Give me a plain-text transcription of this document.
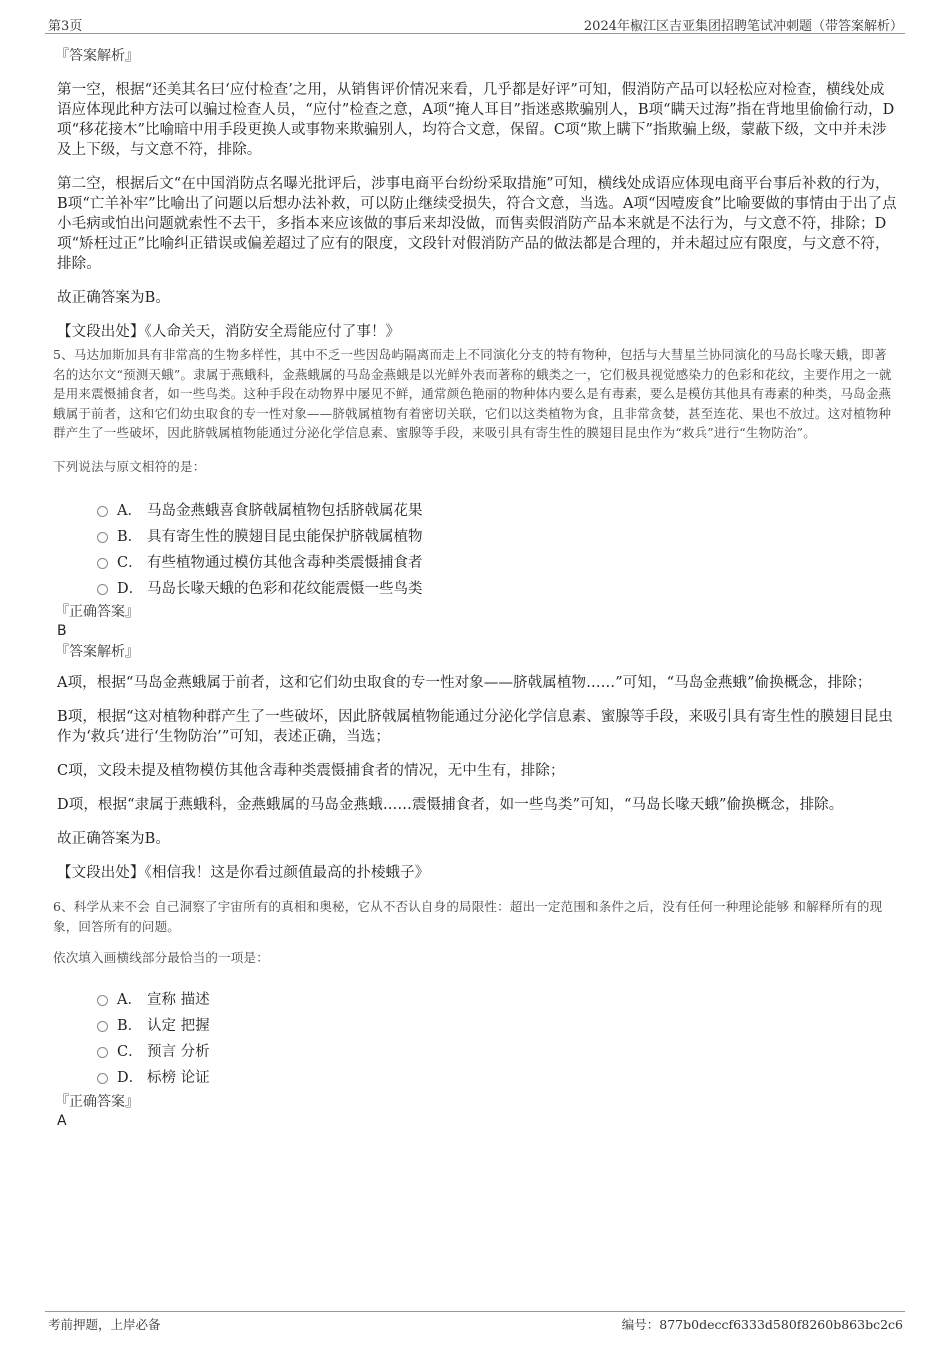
第3页	2024年椒江区吉亚集团招聘笔试冲刺题（带答案解析）
『答案解析』

第一空，根据“还美其名曰‘应付检查’之用，从销售评价情况来看，几乎都是好评”可知，假消防产品可以轻松应对检查，横线处成语应体现此种方法可以骗过检查人员，“应付”检查之意，A项“掩人耳目”指迷惑欺骗别人，B项“瞒天过海”指在背地里偷偷行动，D项“移花接木”比喻暗中用手段更换人或事物来欺骗别人，均符合文意，保留。C项“欺上瞒下”指欺骗上级，蒙蔽下级，文中并未涉及上下级，与文意不符，排除。

第二空，根据后文“在中国消防点名曝光批评后，涉事电商平台纷纷采取措施”可知，横线处成语应体现电商平台事后补救的行为，B项“亡羊补牢”比喻出了问题以后想办法补救，可以防止继续受损失，符合文意，当选。A项“因噎废食”比喻要做的事情由于出了点小毛病或怕出问题就索性不去干，多指本来应该做的事后来却没做，而售卖假消防产品本来就是不法行为，与文意不符，排除；D项“矫枉过正”比喻纠正错误或偏差超过了应有的限度，文段针对假消防产品的做法都是合理的，并未超过应有限度，与文意不符，排除。

故正确答案为B。

【文段出处】《人命关天，消防安全焉能应付了事！》

5、马达加斯加具有非常高的生物多样性，其中不乏一些因岛屿隔离而走上不同演化分支的特有物种，包括与大彗星兰协同演化的马岛长喙天蛾，即著名的达尔文“预测天蛾”。隶属于燕蛾科，金燕蛾属的马岛金燕蛾是以光鲜外表而著称的蛾类之一，它们极具视觉感染力的色彩和花纹，主要作用之一就是用来震慑捕食者，如一些鸟类。这种手段在动物界中屡见不鲜，通常颜色艳丽的物种体内要么是有毒素，要么是模仿其他具有毒素的种类，马岛金燕蛾属于前者，这和它们幼虫取食的专一性对象——脐戟属植物有着密切关联，它们以这类植物为食，且非常贪婪，甚至连花、果也不放过。这对植物种群产生了一些破坏，因此脐戟属植物能通过分泌化学信息素、蜜腺等手段，来吸引具有寄生性的膜翅目昆虫作为“救兵”进行“生物防治”。

下列说法与原文相符的是：

A． 马岛金燕蛾喜食脐戟属植物包括脐戟属花果
B． 具有寄生性的膜翅目昆虫能保护脐戟属植物
C． 有些植物通过模仿其他含毒种类震慑捕食者
D． 马岛长喙天蛾的色彩和花纹能震慑一些鸟类
『正确答案』
B
『答案解析』

A项，根据“马岛金燕蛾属于前者，这和它们幼虫取食的专一性对象——脐戟属植物……”可知，“马岛金燕蛾”偷换概念，排除；

B项，根据“这对植物种群产生了一些破坏，因此脐戟属植物能通过分泌化学信息素、蜜腺等手段，来吸引具有寄生性的膜翅目昆虫作为‘救兵’进行‘生物防治’”可知，表述正确，当选；

C项，文段未提及植物模仿其他含毒种类震慑捕食者的情况，无中生有，排除；

D项，根据“隶属于燕蛾科，金燕蛾属的马岛金燕蛾……震慑捕食者，如一些鸟类”可知，“马岛长喙天蛾”偷换概念，排除。

故正确答案为B。

【文段出处】《相信我！这是你看过颜值最高的扑棱蛾子》

6、科学从来不会 自己洞察了宇宙所有的真相和奥秘，它从不否认自身的局限性：超出一定范围和条件之后，没有任何一种理论能够 和解释所有的现象，回答所有的问题。

依次填入画横线部分最恰当的一项是：

A． 宣称 描述
B． 认定 把握
C． 预言 分析
D． 标榜 论证
『正确答案』
A
考前押题，上岸必备	编号：877b0deccf6333d580f8260b863bc2c6
